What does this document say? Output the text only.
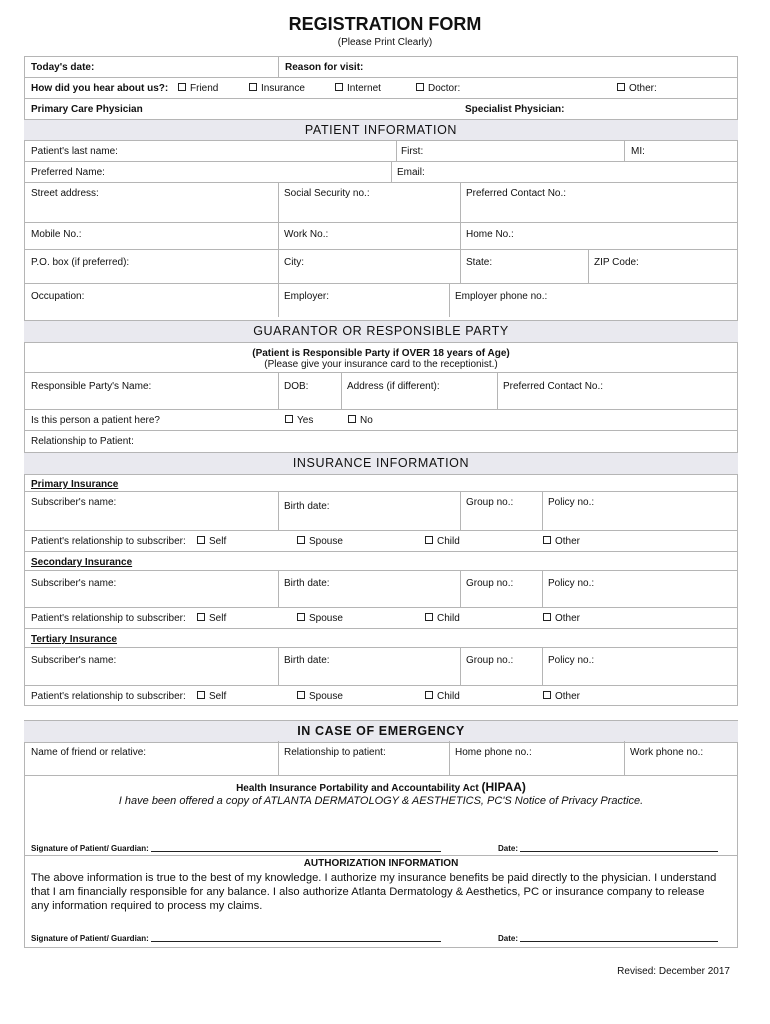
REGISTRATION FORM
(Please Print Clearly)
Today's date:	Reason for visit:
How did you hear about us?:	Friend	Insurance	Internet	Doctor:	Other:
Primary Care Physician	Specialist Physician:
PATIENT INFORMATION
Patient's last name:	First:	MI:
Preferred Name:	Email:
Street address:	Social Security no.:	Preferred Contact No.:
Mobile No.:	Work No.:	Home No.:
P.O. box (if preferred):	City:	State:	ZIP Code:
Occupation:	Employer:	Employer phone no.:
GUARANTOR OR RESPONSIBLE PARTY
(Patient is Responsible Party if OVER 18 years of Age)
(Please give your insurance card to the receptionist.)
Responsible Party's Name:	DOB:	Address (if different):	Preferred Contact No.:
Is this person a patient here?	Yes	No
Relationship to Patient:
INSURANCE INFORMATION
Primary Insurance
Subscriber's name:	Birth date:	Group no.:	Policy no.:
Patient's relationship to subscriber:	Self	Spouse	Child	Other
Secondary Insurance
Subscriber's name:	Birth date:	Group no.:	Policy no.:
Patient's relationship to subscriber:	Self	Spouse	Child	Other
Tertiary Insurance
Subscriber's name:	Birth date:	Group no.:	Policy no.:
Patient's relationship to subscriber:	Self	Spouse	Child	Other
IN CASE OF EMERGENCY
Name of friend or relative:	Relationship to patient:	Home phone no.:	Work phone no.:
Health Insurance Portability and Accountability Act (HIPAA)
I have been offered a copy of ATLANTA DERMATOLOGY & AESTHETICS, PC'S Notice of Privacy Practice.
Signature of Patient/ Guardian:	Date:
AUTHORIZATION INFORMATION
The above information is true to the best of my knowledge. I authorize my insurance benefits be paid directly to the physician. I understand
that I am financially responsible for any balance. I also authorize Atlanta Dermatology & Aesthetics, PC or insurance company to release
any information required to process my claims.
Signature of Patient/ Guardian:	Date:
Revised: December 2017
